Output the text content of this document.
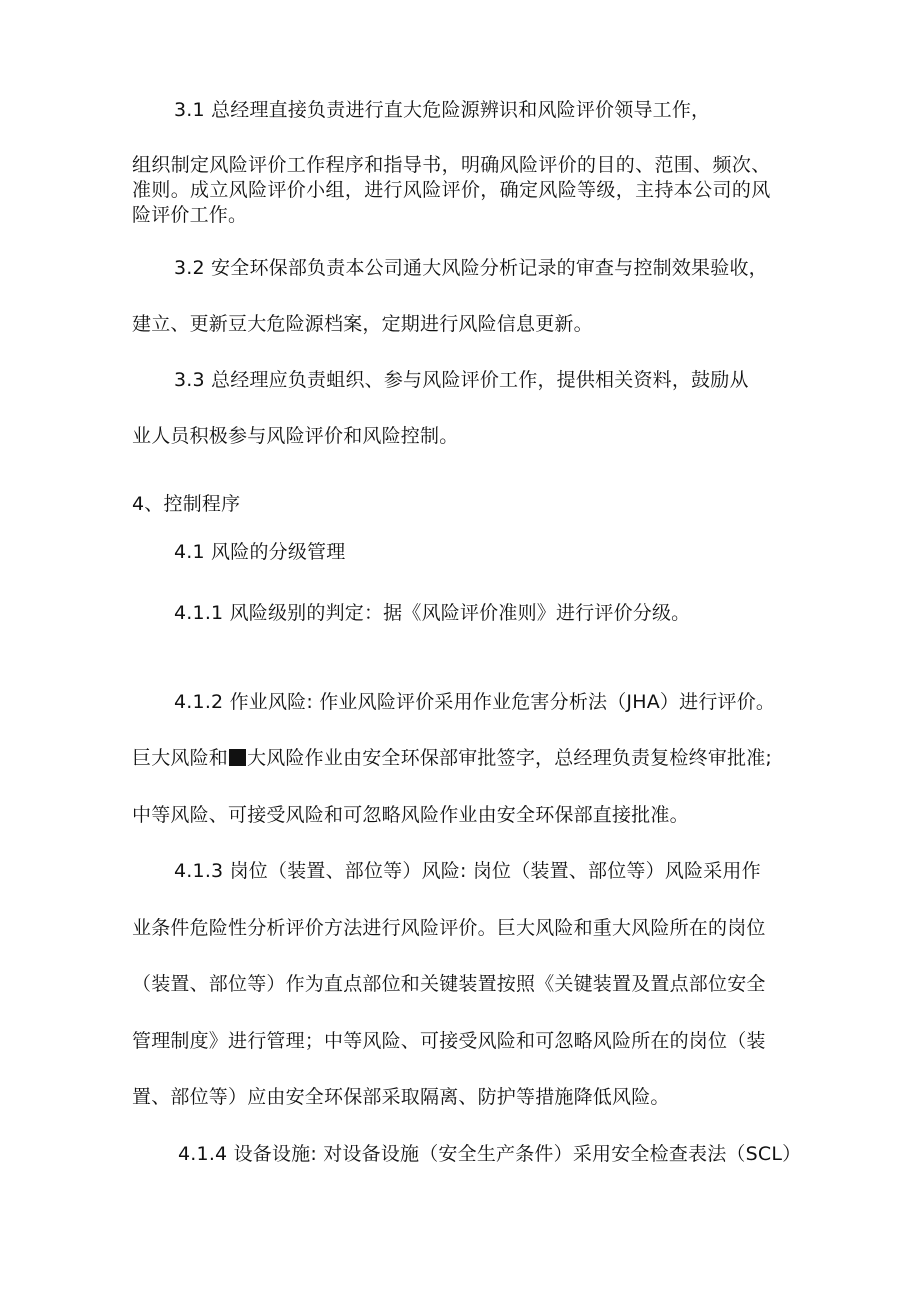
3.1 总经理直接负责进行直大危险源辨识和风险评价领导工作，
组织制定风险评价工作程序和指导书，明确风险评价的目的、范围、频次、
准则。成立风险评价小组，进行风险评价，确定风险等级，主持本公司的风
险评价工作。
3.2 安全环保部负责本公司通大风险分析记录的审查与控制效果验收，
建立、更新豆大危险源档案，定期进行风险信息更新。
3.3 总经理应负责蛆织、参与风险评价工作，提供相关资料，鼓励从
业人员积极参与风险评价和风险控制。
4、控制程序
4.1 风险的分级管理
4.1.1 风险级别的判定：据《风险评价准则》进行评价分级。
4.1.2 作业风险: 作业风险评价采用作业危害分析法（JHA）进行评价。
巨大风险和 大风险作业由安全环保部审批签字，总经理负责复检终审批准;
中等风险、可接受风险和可忽略风险作业由安全环保部直接批准。
4.1.3 岗位（装置、部位等）风险: 岗位（装置、部位等）风险采用作
业条件危险性分析评价方法进行风险评价。巨大风险和重大风险所在的岗位
（装置、部位等）作为直点部位和关键装置按照《关键装置及置点部位安全
管理制度》进行管理；中等风险、可接受风险和可忽略风险所在的岗位（装
置、部位等）应由安全环保部采取隔离、防护等措施降低风险。
4.1.4 设备设施: 对设备设施（安全生产条件）采用安全检查表法（SCL）
